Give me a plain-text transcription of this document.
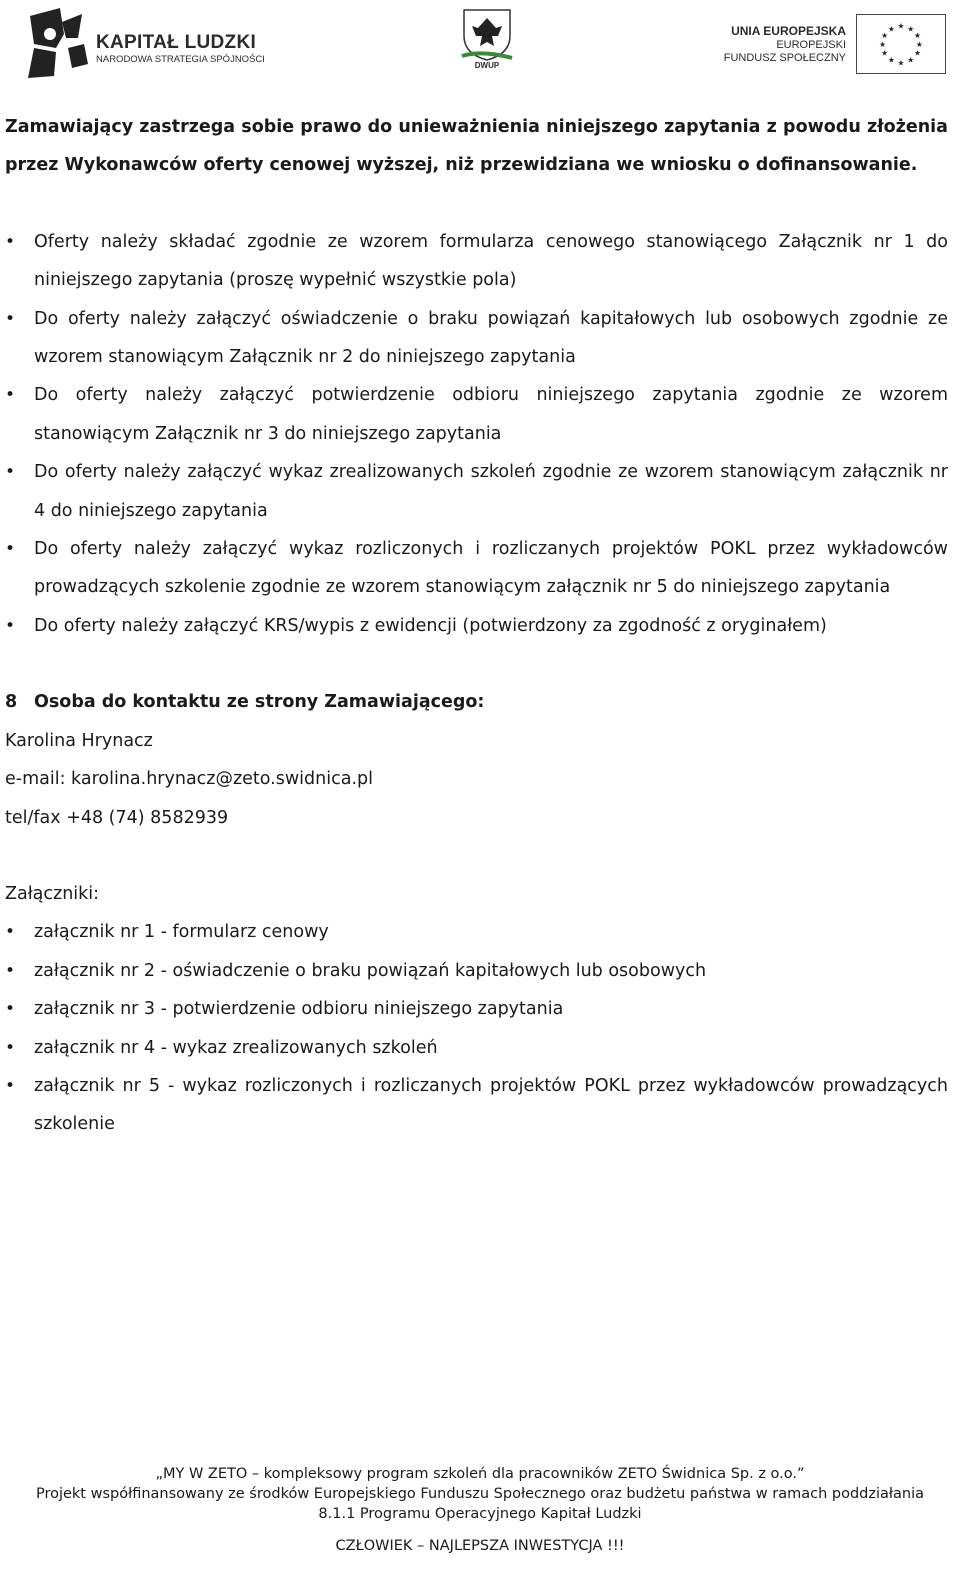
KAPITAŁ LUDZKI
NARODOWA STRATEGIA SPÓJNOŚCI
DWUP
UNIA EUROPEJSKA
EUROPEJSKI
FUNDUSZ SPOŁECZNY
★ ★
★
★
★
★
★
★
★
★
★
★

Zamawiający zastrzega sobie prawo do unieważnienia niniejszego zapytania z powodu złożenia przez Wykonawców oferty cenowej wyższej, niż przewidziana we wniosku o dofinansowanie.

• Oferty należy składać zgodnie ze wzorem formularza cenowego stanowiącego Załącznik nr 1 do niniejszego zapytania (proszę wypełnić wszystkie pola)
• Do oferty należy załączyć oświadczenie o braku powiązań kapitałowych lub osobowych zgodnie ze wzorem stanowiącym Załącznik nr 2 do niniejszego zapytania
• Do oferty należy załączyć potwierdzenie odbioru niniejszego zapytania zgodnie ze wzorem stanowiącym Załącznik nr 3 do niniejszego zapytania
• Do oferty należy załączyć wykaz zrealizowanych szkoleń zgodnie ze wzorem stanowiącym załącznik nr 4 do niniejszego zapytania
• Do oferty należy załączyć wykaz rozliczonych i rozliczanych projektów POKL przez wykładowców prowadzących szkolenie zgodnie ze wzorem stanowiącym załącznik nr 5 do niniejszego zapytania
• Do oferty należy załączyć KRS/wypis z ewidencji (potwierdzony za zgodność z oryginałem)

8 Osoba do kontaktu ze strony Zamawiającego:

Karolina Hrynacz

e-mail: karolina.hrynacz@zeto.swidnica.pl

tel/fax +48 (74) 8582939

Załączniki:

• załącznik nr 1 - formularz cenowy
• załącznik nr 2 - oświadczenie o braku powiązań kapitałowych lub osobowych
• załącznik nr 3 - potwierdzenie odbioru niniejszego zapytania
• załącznik nr 4 - wykaz zrealizowanych szkoleń
• załącznik nr 5 - wykaz rozliczonych i rozliczanych projektów POKL przez wykładowców prowadzących szkolenie
„MY W ZETO – kompleksowy program szkoleń dla pracowników ZETO Świdnica Sp. z o.o.”
Projekt współfinansowany ze środków Europejskiego Funduszu Społecznego oraz budżetu państwa w ramach poddziałania
8.1.1 Programu Operacyjnego Kapitał Ludzki
CZŁOWIEK – NAJLEPSZA INWESTYCJA !!!
